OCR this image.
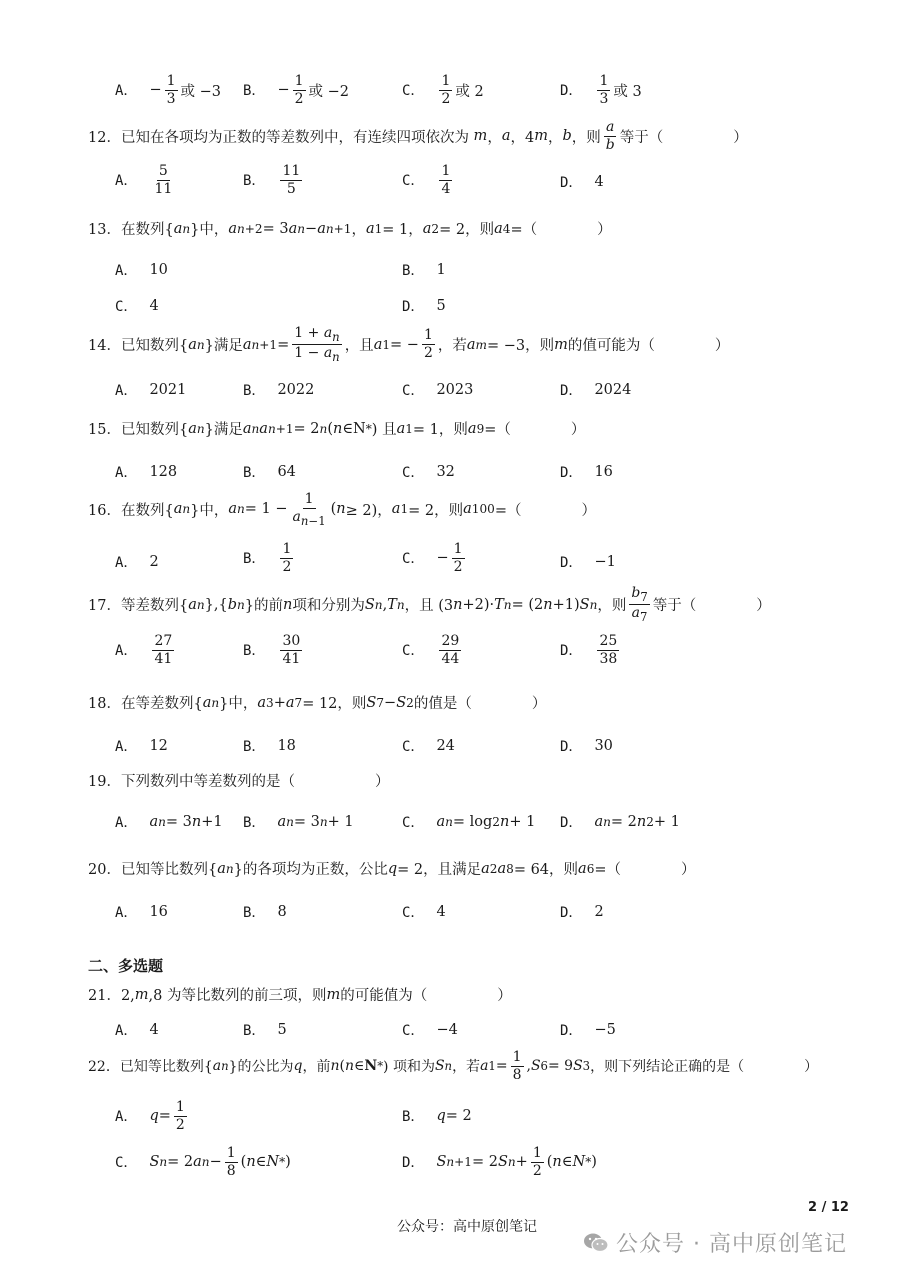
A． − $\frac{1}{3}$ 或 −3 B． − $\frac{1}{2}$ 或 −2	C． $\frac{1}{2}$ 或 2	D． $\frac{1}{3}$ 或 3
12．已知在各项均为正数的等差数列中，有连续四项依次为 m ， a ，4 m ， b ，则 $\frac{a}{b}$ 等于（	）
A． $\frac{5}{11}$	B． $\frac{11}{5}$	C． $\frac{1}{4}$	D． 4
13．在数列{ a n }中， a n +2 = 3 a n − a n +1 ， a 1 = 1， a 2 = 2，则 a 4 =（	）
A． 10	B． 1
C． 4	D． 5
14．已知数列{ a n }满足 a $n +1 = \frac{1 + a_n}{1 - a_n}$ ，且 a 1 = − $\frac{1}{2}$ ，若 a m = −3，则 m 的值可能为（	）
A． 2021	B． 2022	C． 2023	D． 2024
15．已知数列{ a n }满足 a n a n +1 = 2 n ( n ∈N * ) 且 a 1 = 1，则 a 9 =（	）
A． 128	B． 64	C． 32	D． 16
16．在数列{ a n }中， a $n = 1 - \frac{1}{a_{n-1}}$ ( n ≥ 2)， a 1 = 2，则 a 100 =（	）
A． 2	B． $\frac{1}{2}$	C． − $\frac{1}{2}$	D． −1
17．等差数列{ a n },{ b n }的前 n 项和分别为 S n , T n ，且 (3 n +2)· T n = (2 n +1) S n ，则 $\frac{b_7}{a_7}$ 等于（	）
A． $\frac{27}{41}$	B． $\frac{30}{41}$	C． $\frac{29}{44}$	D． $\frac{25}{38}$
18．在等差数列{ a n }中， a 3 + a 7 = 12，则 S 7 − S 2 的值是（	）
A． 12	B． 18	C． 24	D． 30
19．下列数列中等差数列的是（	）
A． a n = 3 n +1 B． a n = 3 n + 1	C． a n = log 2 n + 1 D． a n = 2 n 2 + 1
20．已知等比数列{ a n }的各项均为正数，公比 q = 2，且满足 a 2 a 8 = 64，则 a 6 =（	）
A． 16	B． 8	C． 4	D． 2
二、多选题
21．2, m ,8 为等比数列的前三项，则 m 的可能值为（	）
A． 4	B． 5	C． −4	D． −5
22．已知等比数列{ a n }的公比为 q ，前 n ( n ∈ N * ) 项和为 S n ，若 a $1 = \frac{1}{8}$ , S 6 = 9 S 3 ，则下列结论正确的是（	）
A． $q = \frac{1}{2}$	B． q = 2
C． S n = 2 a $n - \frac{1}{8}$ ( n ∈ N * )	D． S n +1 = 2 S $n + \frac{1}{2}$ ( n ∈ N * )
2 / 12
公众号：高中原创笔记
公众号 · 高中原创笔记
